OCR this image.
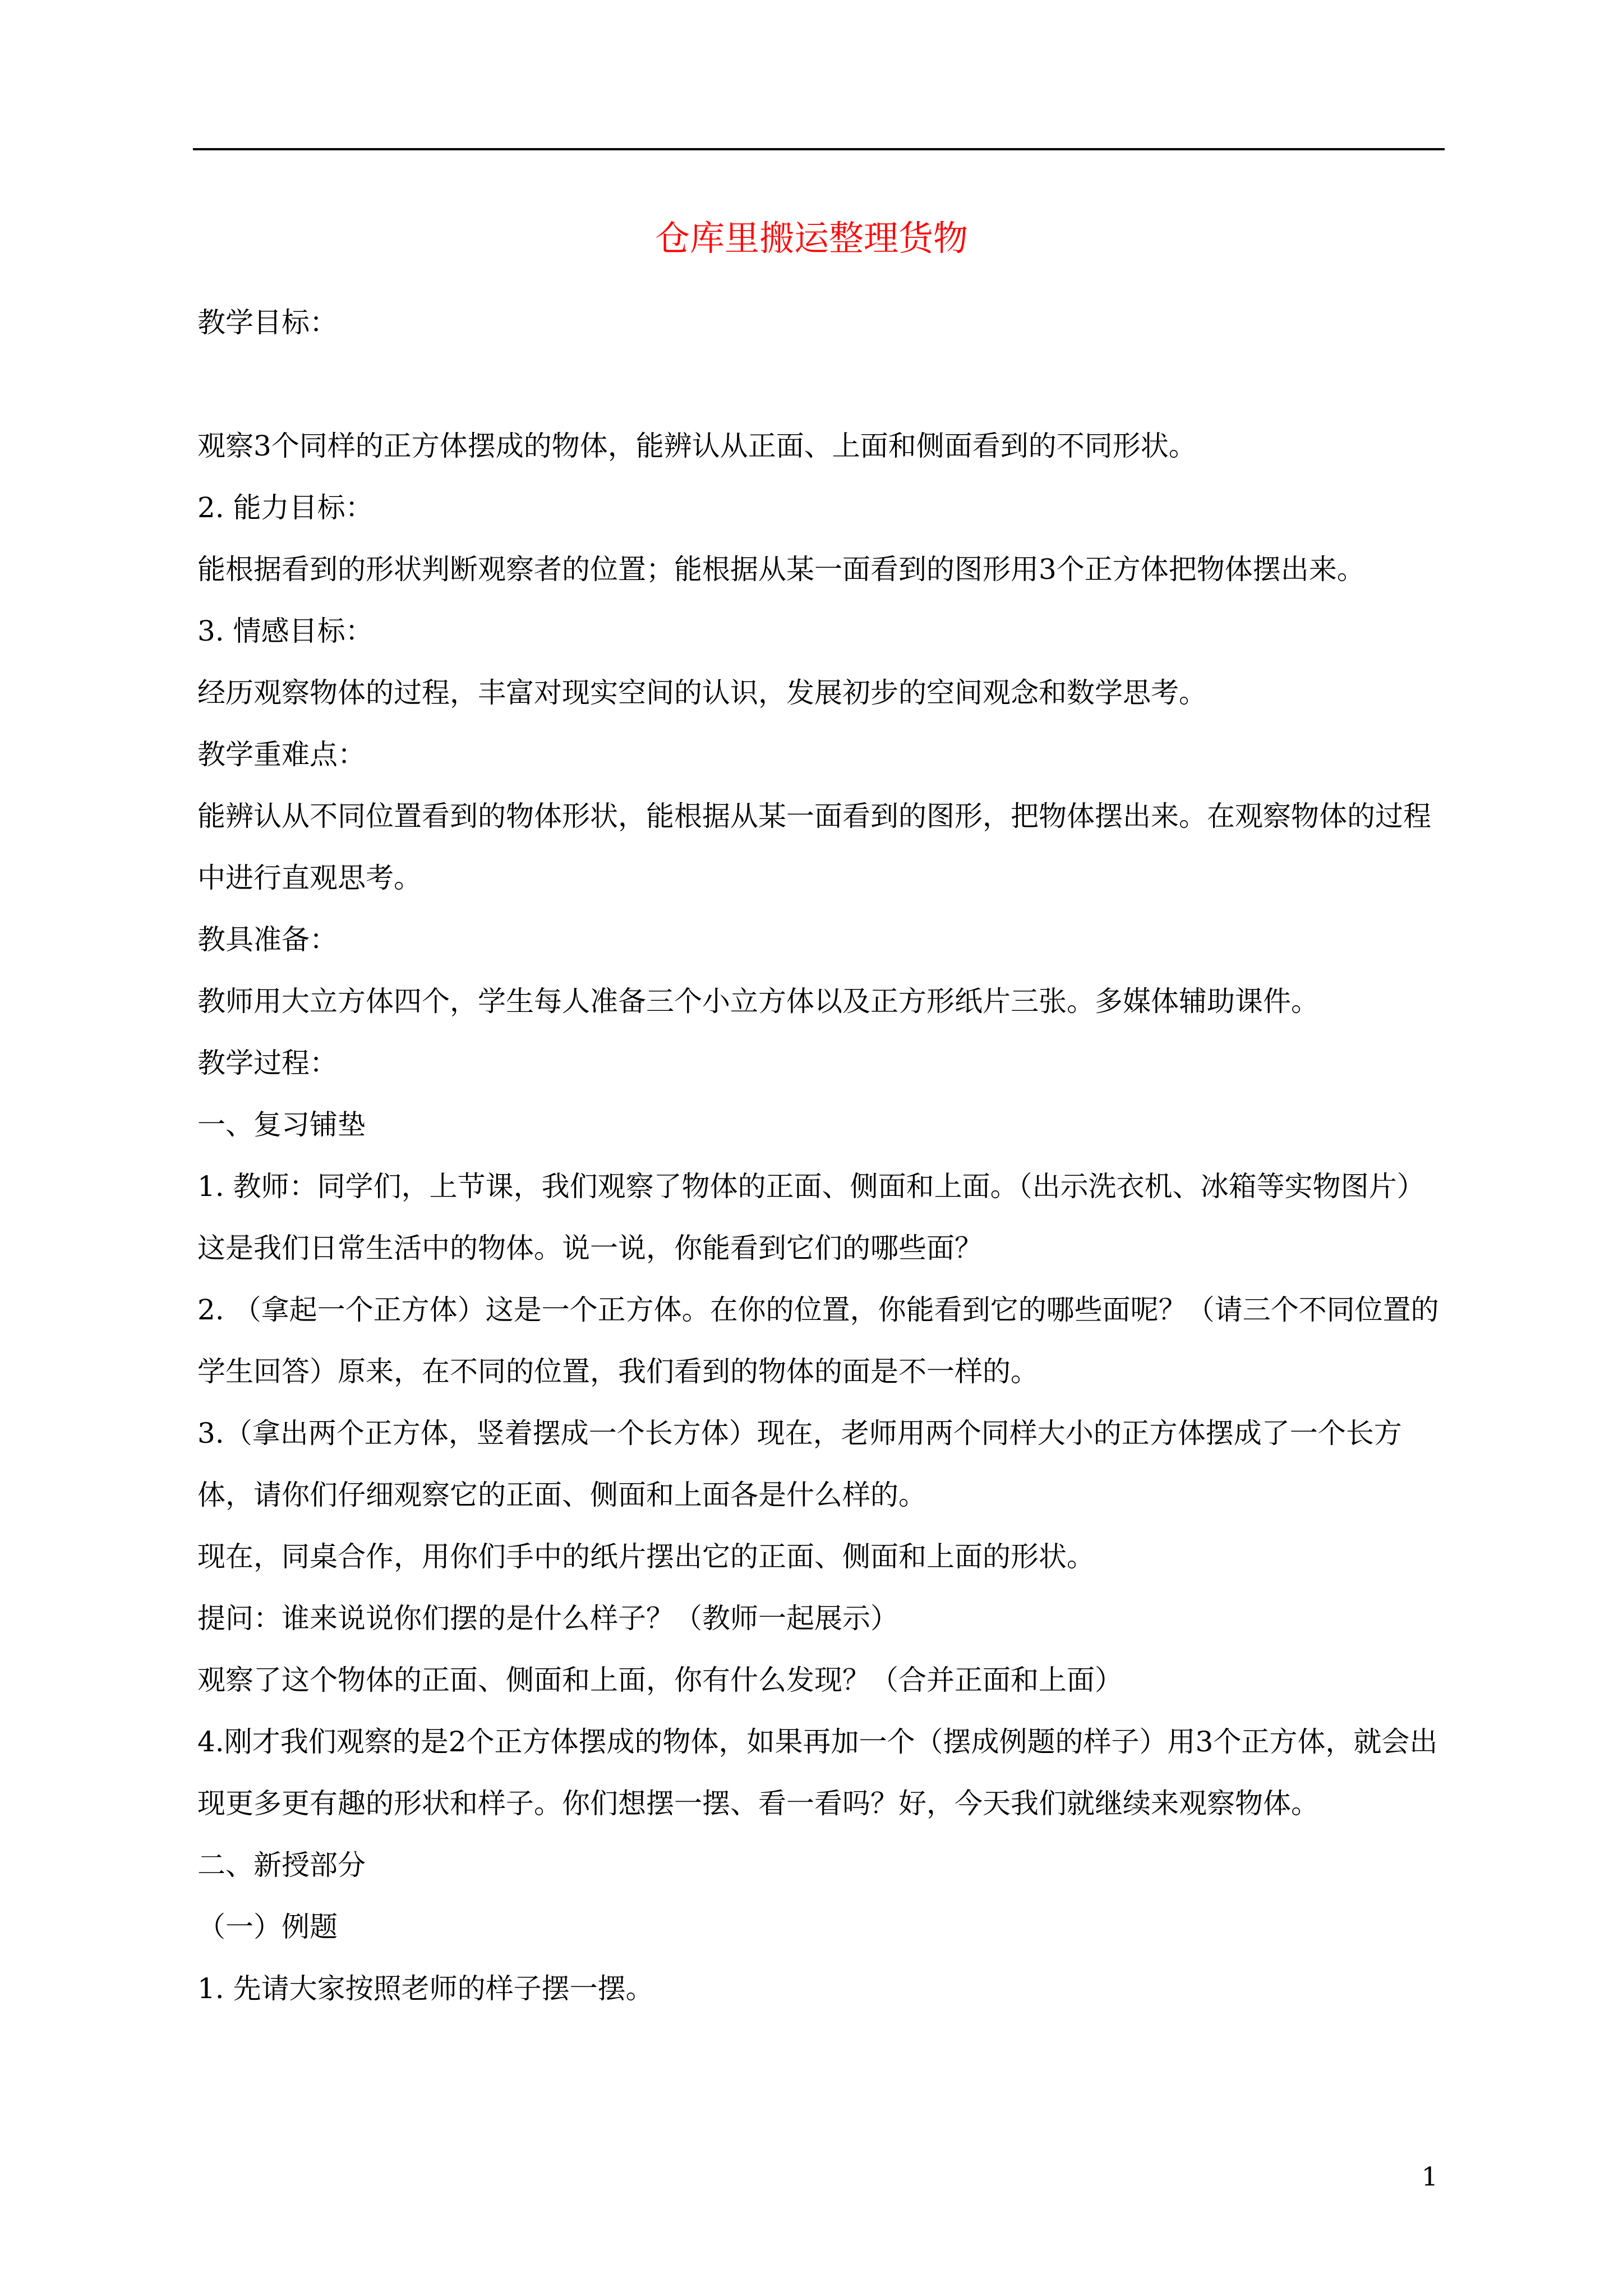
仓库里搬运整理货物

教学目标：

观察3个同样的正方体摆成的物体，能辨认从正面、上面和侧面看到的不同形状。

2. 能力目标：

能根据看到的形状判断观察者的位置；能根据从某一面看到的图形用3个正方体把物体摆出来。

3. 情感目标：

经历观察物体的过程，丰富对现实空间的认识，发展初步的空间观念和数学思考。

教学重难点：

能辨认从不同位置看到的物体形状，能根据从某一面看到的图形，把物体摆出来。在观察物体的过程中进行直观思考。

教具准备：

教师用大立方体四个，学生每人准备三个小立方体以及正方形纸片三张。多媒体辅助课件。

教学过程：

一、复习铺垫

1. 教师：同学们，上节课，我们观察了物体的正面、侧面和上面。（出示洗衣机、冰箱等实物图片）这是我们日常生活中的物体。说一说，你能看到它们的哪些面？

2. （拿起一个正方体）这是一个正方体。在你的位置，你能看到它的哪些面呢？（请三个不同位置的学生回答）原来，在不同的位置，我们看到的物体的面是不一样的。

3.（拿出两个正方体，竖着摆成一个长方体）现在，老师用两个同样大小的正方体摆成了一个长方体，请你们仔细观察它的正面、侧面和上面各是什么样的。

现在，同桌合作，用你们手中的纸片摆出它的正面、侧面和上面的形状。

提问：谁来说说你们摆的是什么样子？（教师一起展示）

观察了这个物体的正面、侧面和上面，你有什么发现？（合并正面和上面）

4.刚才我们观察的是2个正方体摆成的物体，如果再加一个（摆成例题的样子）用3个正方体，就会出现更多更有趣的形状和样子。你们想摆一摆、看一看吗？好，今天我们就继续来观察物体。

二、新授部分

（一）例题

1. 先请大家按照老师的样子摆一摆。

1
